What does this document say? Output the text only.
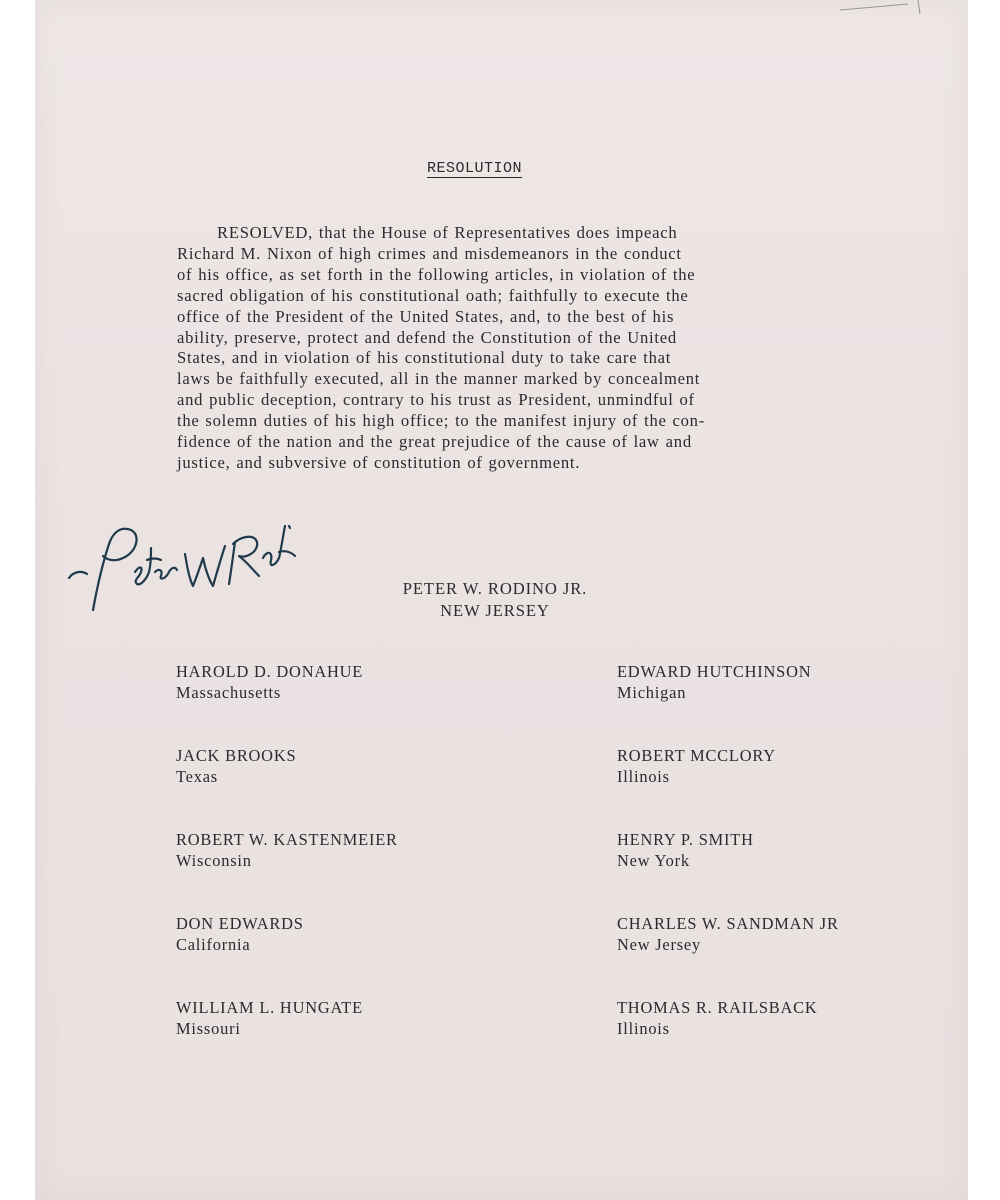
RESOLUTION

RESOLVED, that the House of Representatives does impeach
Richard M. Nixon of high crimes and misdemeanors in the conduct
of his office, as set forth in the following articles, in violation of the
sacred obligation of his constitutional oath; faithfully to execute the
office of the President of the United States, and, to the best of his
ability, preserve, protect and defend the Constitution of the United
States, and in violation of his constitutional duty to take care that
laws be faithfully executed, all in the manner marked by concealment
and public deception, contrary to his trust as President, unmindful of
the solemn duties of his high office; to the manifest injury of the con-
fidence of the nation and the great prejudice of the cause of law and
justice, and subversive of constitution of government.

PETER W. RODINO JR.
NEW JERSEY
HAROLD D. DONAHUE
Massachusetts
JACK BROOKS
Texas
ROBERT W. KASTENMEIER
Wisconsin
DON EDWARDS
California
WILLIAM L. HUNGATE
Missouri
EDWARD HUTCHINSON
Michigan
ROBERT MCCLORY
Illinois
HENRY P. SMITH
New York
CHARLES W. SANDMAN JR
New Jersey
THOMAS R. RAILSBACK
Illinois
